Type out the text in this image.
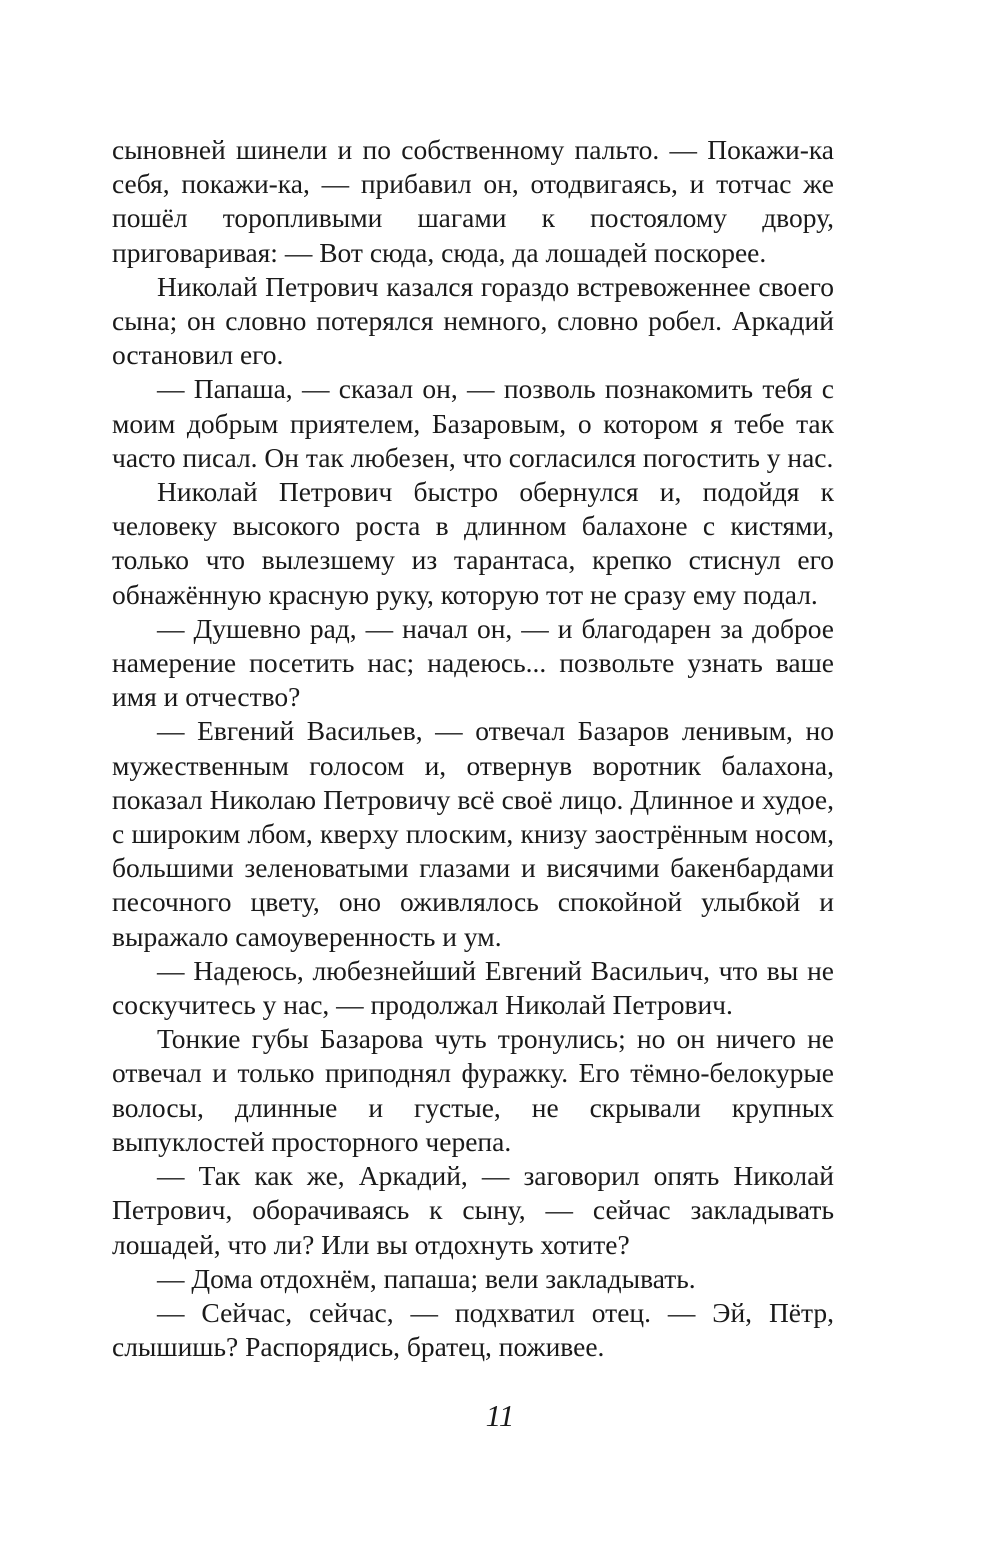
сыновней шинели и по собственному пальто. — Покажи-ка себя, покажи-ка, — прибавил он, отодвигаясь, и тотчас же пошёл торопливыми шагами к постоялому двору, приговаривая: — Вот сюда, сюда, да лошадей поскорее.

Николай Петрович казался гораздо встревоженнее своего сына; он словно потерялся немного, словно робел. Аркадий остановил его.

— Папаша, — сказал он, — позволь познакомить тебя с моим добрым приятелем, Базаровым, о котором я тебе так часто писал. Он так любезен, что согласился погостить у нас.

Николай Петрович быстро обернулся и, подойдя к человеку высокого роста в длинном балахоне с кистями, только что вылезшему из тарантаса, крепко стиснул его обнажённую красную руку, которую тот не сразу ему подал.

— Душевно рад, — начал он, — и благодарен за доброе намерение посетить нас; надеюсь... позвольте узнать ваше имя и отчество?

— Евгений Васильев, — отвечал Базаров ленивым, но мужественным голосом и, отвернув воротник балахона, показал Николаю Петровичу всё своё лицо. Длинное и худое, с широким лбом, кверху плоским, книзу заострённым носом, большими зеленоватыми глазами и висячими бакенбардами песочного цвету, оно оживлялось спокойной улыбкой и выражало самоуверенность и ум.

— Надеюсь, любезнейший Евгений Васильич, что вы не соскучитесь у нас, — продолжал Николай Петрович.

Тонкие губы Базарова чуть тронулись; но он ничего не отвечал и только приподнял фуражку. Его тёмно-белокурые волосы, длинные и густые, не скрывали крупных выпуклостей просторного черепа.

— Так как же, Аркадий, — заговорил опять Николай Петрович, оборачиваясь к сыну, — сейчас закладывать лошадей, что ли? Или вы отдохнуть хотите?

— Дома отдохнём, папаша; вели закладывать.

— Сейчас, сейчас, — подхватил отец. — Эй, Пётр, слышишь? Распорядись, братец, поживее.

11
